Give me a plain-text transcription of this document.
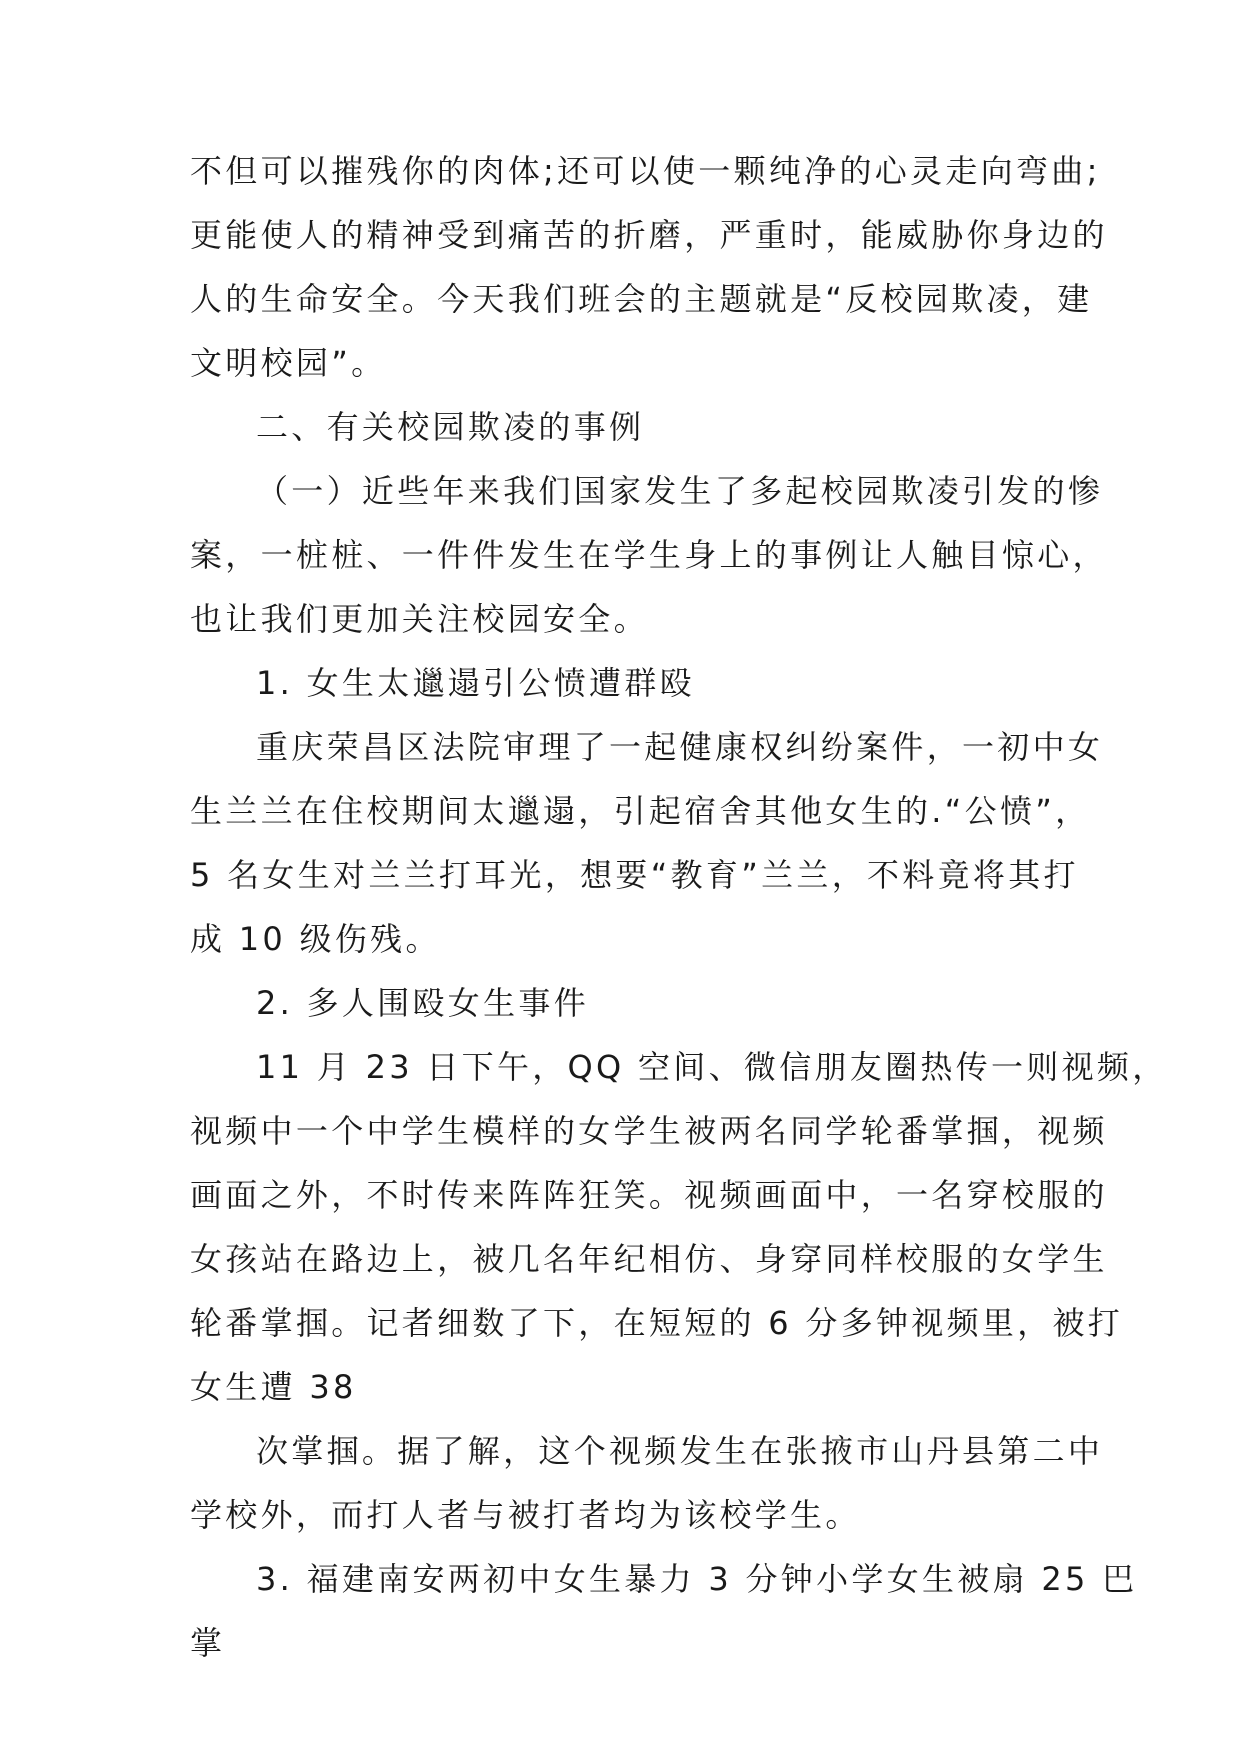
不但可以摧残你的肉体;还可以使一颗纯净的心灵走向弯曲;
更能使人的精神受到痛苦的折磨，严重时，能威胁你身边的
人的生命安全。今天我们班会的主题就是“反校园欺凌，建
文明校园”。
二、有关校园欺凌的事例
（一）近些年来我们国家发生了多起校园欺凌引发的惨
案，一桩桩、一件件发生在学生身上的事例让人触目惊心，
也让我们更加关注校园安全。
1. 女生太邋遢引公愤遭群殴
重庆荣昌区法院审理了一起健康权纠纷案件，一初中女
生兰兰在住校期间太邋遢，引起宿舍其他女生的.“公愤”，
5 名女生对兰兰打耳光，想要“教育”兰兰，不料竟将其打
成 10 级伤残。
2. 多人围殴女生事件
11 月 23 日下午，QQ 空间、微信朋友圈热传一则视频，
视频中一个中学生模样的女学生被两名同学轮番掌掴，视频
画面之外，不时传来阵阵狂笑。视频画面中，一名穿校服的
女孩站在路边上，被几名年纪相仿、身穿同样校服的女学生
轮番掌掴。记者细数了下，在短短的 6 分多钟视频里，被打
女生遭 38
次掌掴。据了解，这个视频发生在张掖市山丹县第二中
学校外，而打人者与被打者均为该校学生。
3. 福建南安两初中女生暴力 3 分钟小学女生被扇 25 巴
掌
